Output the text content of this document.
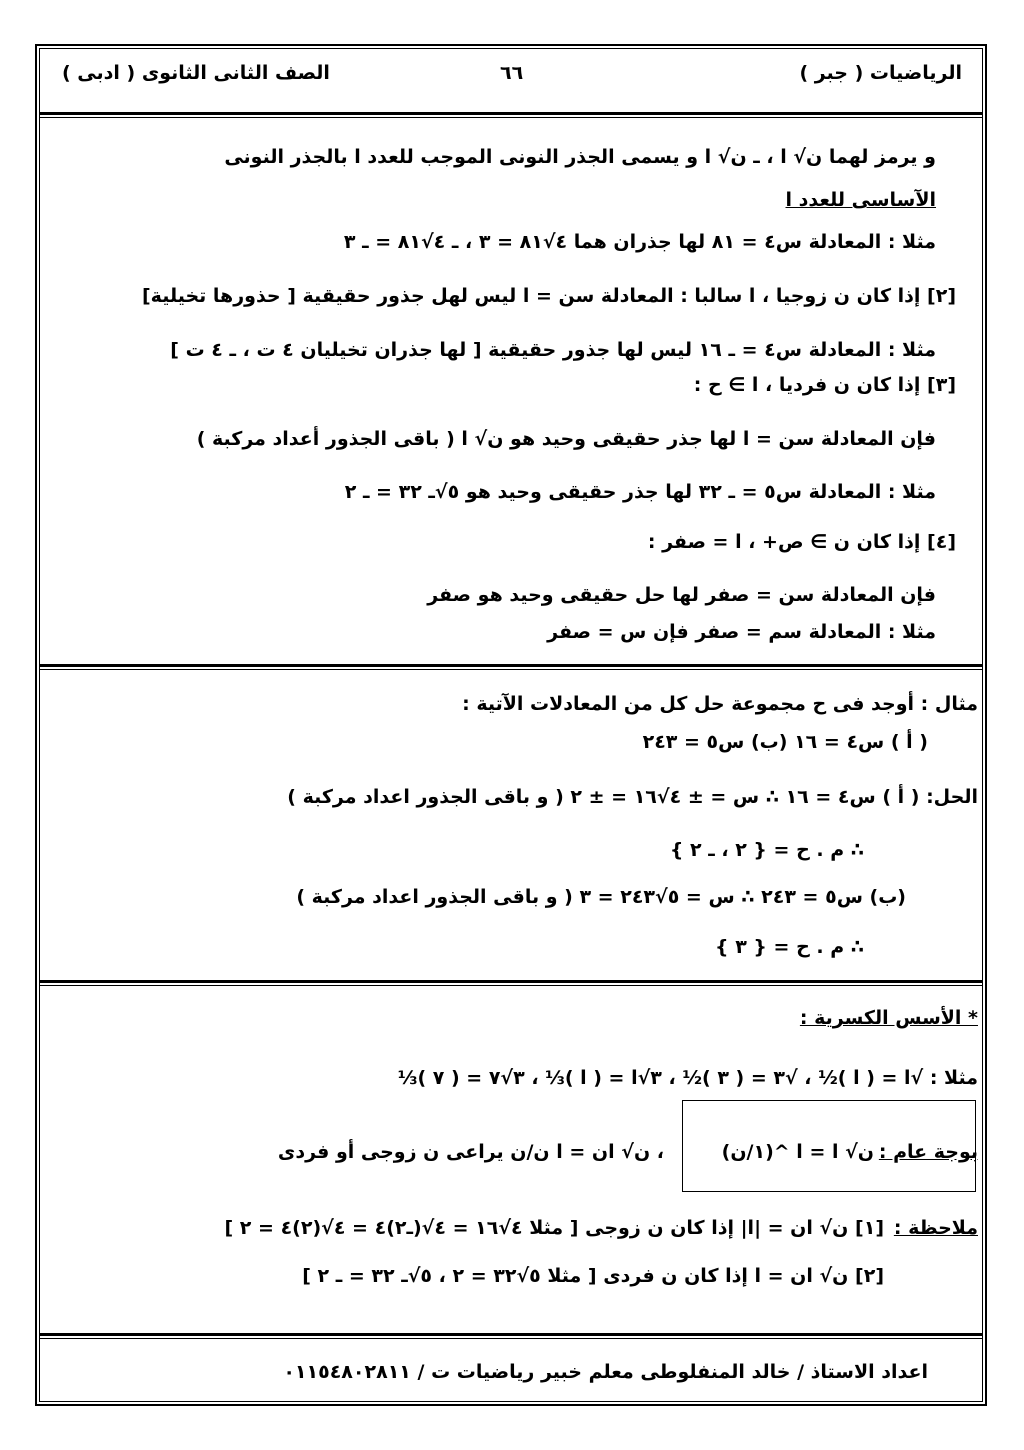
الرياضيات ( جبر )
٦٦
الصف الثانى الثانوى ( ادبى )
و يرمز لهما ن√ ا ، ـ ن√ ا و يسمى الجذر النونى الموجب للعدد ا بالجذر النونى
الآساسى للعدد ا
مثلا : المعادلة س٤ = ٨١ لها جذران هما ٤√٨١ = ٣ ، ـ ٤√٨١ = ـ ٣
[٢] إذا كان ن زوجيا ، ا سالبا : المعادلة سن = ا ليس لهل جذور حقيقية [ حذورها تخيلية]
مثلا : المعادلة س٤ = ـ ١٦ ليس لها جذور حقيقية [ لها جذران تخيليان ٤ ت ، ـ ٤ ت ]
[٣] إذا كان ن فرديا ، ا ∋ ح :
فإن المعادلة سن = ا لها جذر حقيقى وحيد هو ن√ ا ( باقى الجذور أعداد مركبة )
مثلا : المعادلة س٥ = ـ ٣٢ لها جذر حقيقى وحيد هو ٥√ـ ٣٢ = ـ ٢
[٤] إذا كان ن ∋ ص+ ، ا = صفر :
فإن المعادلة سن = صفر لها حل حقيقى وحيد هو صفر
مثلا : المعادلة سم = صفر فإن س = صفر
مثال : أوجد فى ح مجموعة حل كل من المعادلات الآتية :
( أ ) س٤ = ١٦ (ب) س٥ = ٢٤٣
الحل: ( أ ) س٤ = ١٦ ∴ س = ± ٤√١٦ = ± ٢ ( و باقى الجذور اعداد مركبة )
∴ م . ح = { ٢ ، ـ ٢ }
(ب) س٥ = ٢٤٣ ∴ س = ٥√٢٤٣ = ٣ ( و باقى الجذور اعداد مركبة )
∴ م . ح = { ٣ }
* الأسس الكسرية :
مثلا : √ا = ( ا )½ ، √٣ = ( ٣ )½ ، ٣√ا = ( ا )⅓ ، ٣√٧ = ( ٧ )⅓
بوجة عام :
ن√ ا = ا ^(١/ن)
، ن√ ان = ا ن/ن يراعى ن زوجى أو فردى
ملاحظة :
[١] ن√ ان = |ا| إذا كان ن زوجى [ مثلا ٤√١٦ = ٤√(ـ٢)٤ = ٤√(٢)٤ = ٢ ]
[٢] ن√ ان = ا إذا كان ن فردى [ مثلا ٥√٣٢ = ٢ ، ٥√ـ ٣٢ = ـ ٢ ]
اعداد الاستاذ / خالد المنفلوطى معلم خبير رياضيات ت / ٠١١٥٤٨٠٢٨١١
